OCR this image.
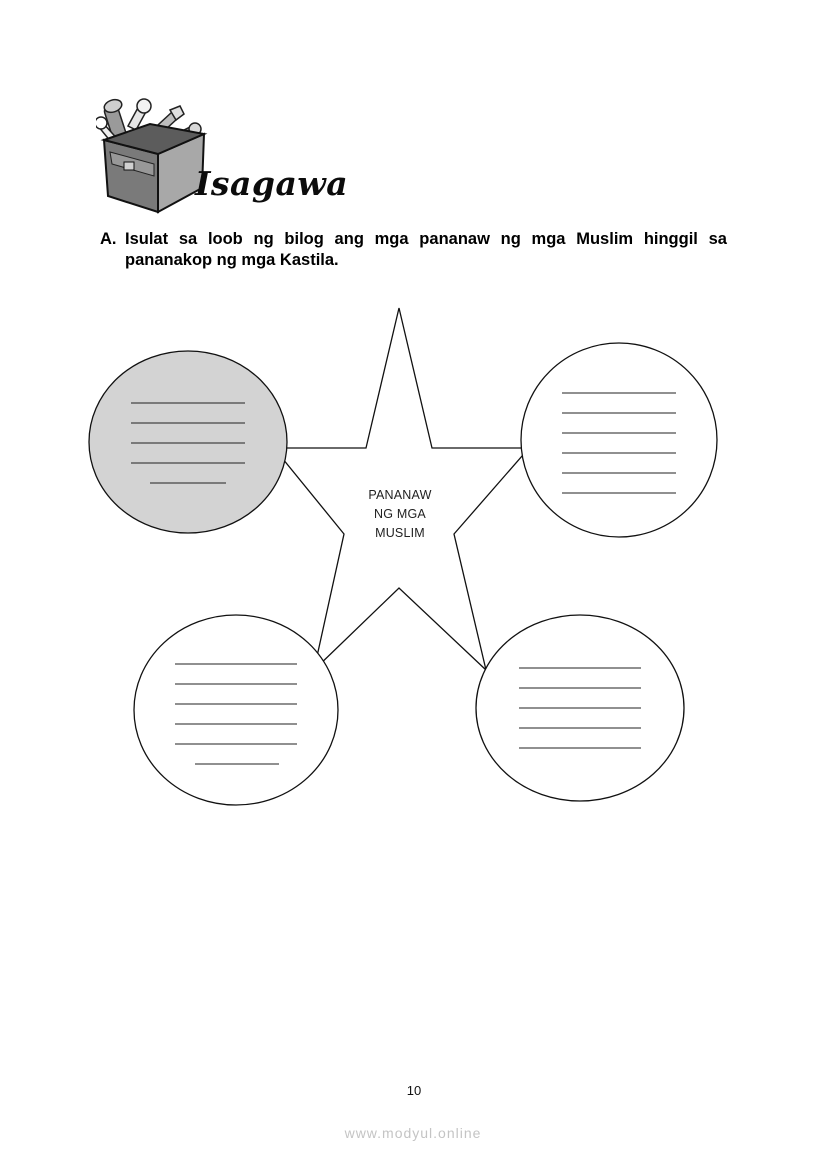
Isagawa
A. Isulat sa loob ng bilog ang mga pananaw ng mga Muslim hinggil sa pananakop ng mga Kastila.
PANANAW
NG MGA
MUSLIM
10
www.modyul.online
